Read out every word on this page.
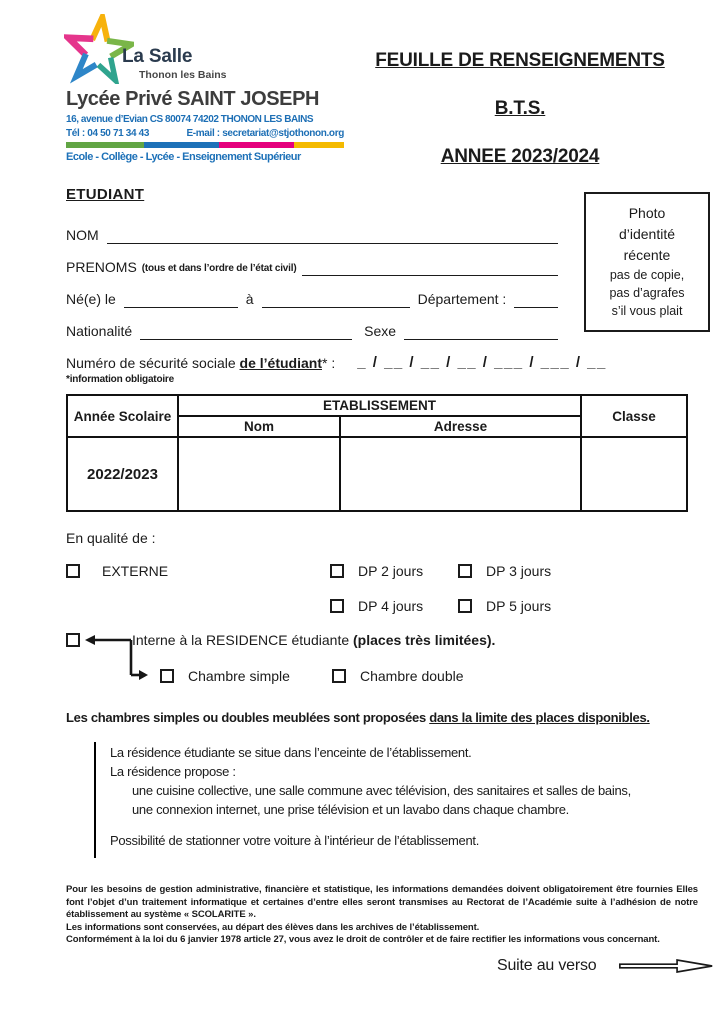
La Salle
Thonon les Bains
Lycée Privé SAINT JOSEPH
16, avenue d’Evian CS 80074 74202 THONON LES BAINS
Tél : 04 50 71 34 43	E-mail : secretariat@stjothonon.org
Ecole - Collège - Lycée - Enseignement Supérieur
FEUILLE DE RENSEIGNEMENTS
B.T.S.
ANNEE 2023/2024
ETUDIANT
Photo
d’identité
récente
pas de copie,
pas d’agrafes
s’il vous plait
NOM
PRENOMS (tous et dans l’ordre de l’état civil)
Né(e) le	à	Département :
Nationalité	Sexe
Numéro de sécurité sociale de l’étudiant* : _ / __ / __ / __ / ___ / ___ / __
*information obligatoire
Année Scolaire	ETABLISSEMENT		Classe
	Nom	Adresse	
2022/2023			
En qualité de :
EXTERNE	DP 2 jours	DP 3 jours
DP 4 jours	DP 5 jours
Interne à la RESIDENCE étudiante (places très limitées).
Chambre simple	Chambre double
Les chambres simples ou doubles meublées sont proposées dans la limite des places disponibles.
La résidence étudiante se situe dans l’enceinte de l’établissement.
La résidence propose :
une cuisine collective, une salle commune avec télévision, des sanitaires et salles de bains,
une connexion internet, une prise télévision et un lavabo dans chaque chambre.
Possibilité de stationner votre voiture à l’intérieur de l’établissement.
Pour les besoins de gestion administrative, financière et statistique, les informations demandées doivent obligatoirement être fournies Elles font l’objet d’un traitement informatique et certaines d’entre elles seront transmises au Rectorat de l’Académie suite à l’adhésion de notre établissement au système « SCOLARITE ».
Les informations sont conservées, au départ des élèves dans les archives de l’établissement.
Conformément à la loi du 6 janvier 1978 article 27, vous avez le droit de contrôler et de faire rectifier les informations vous concernant.
Suite au verso
